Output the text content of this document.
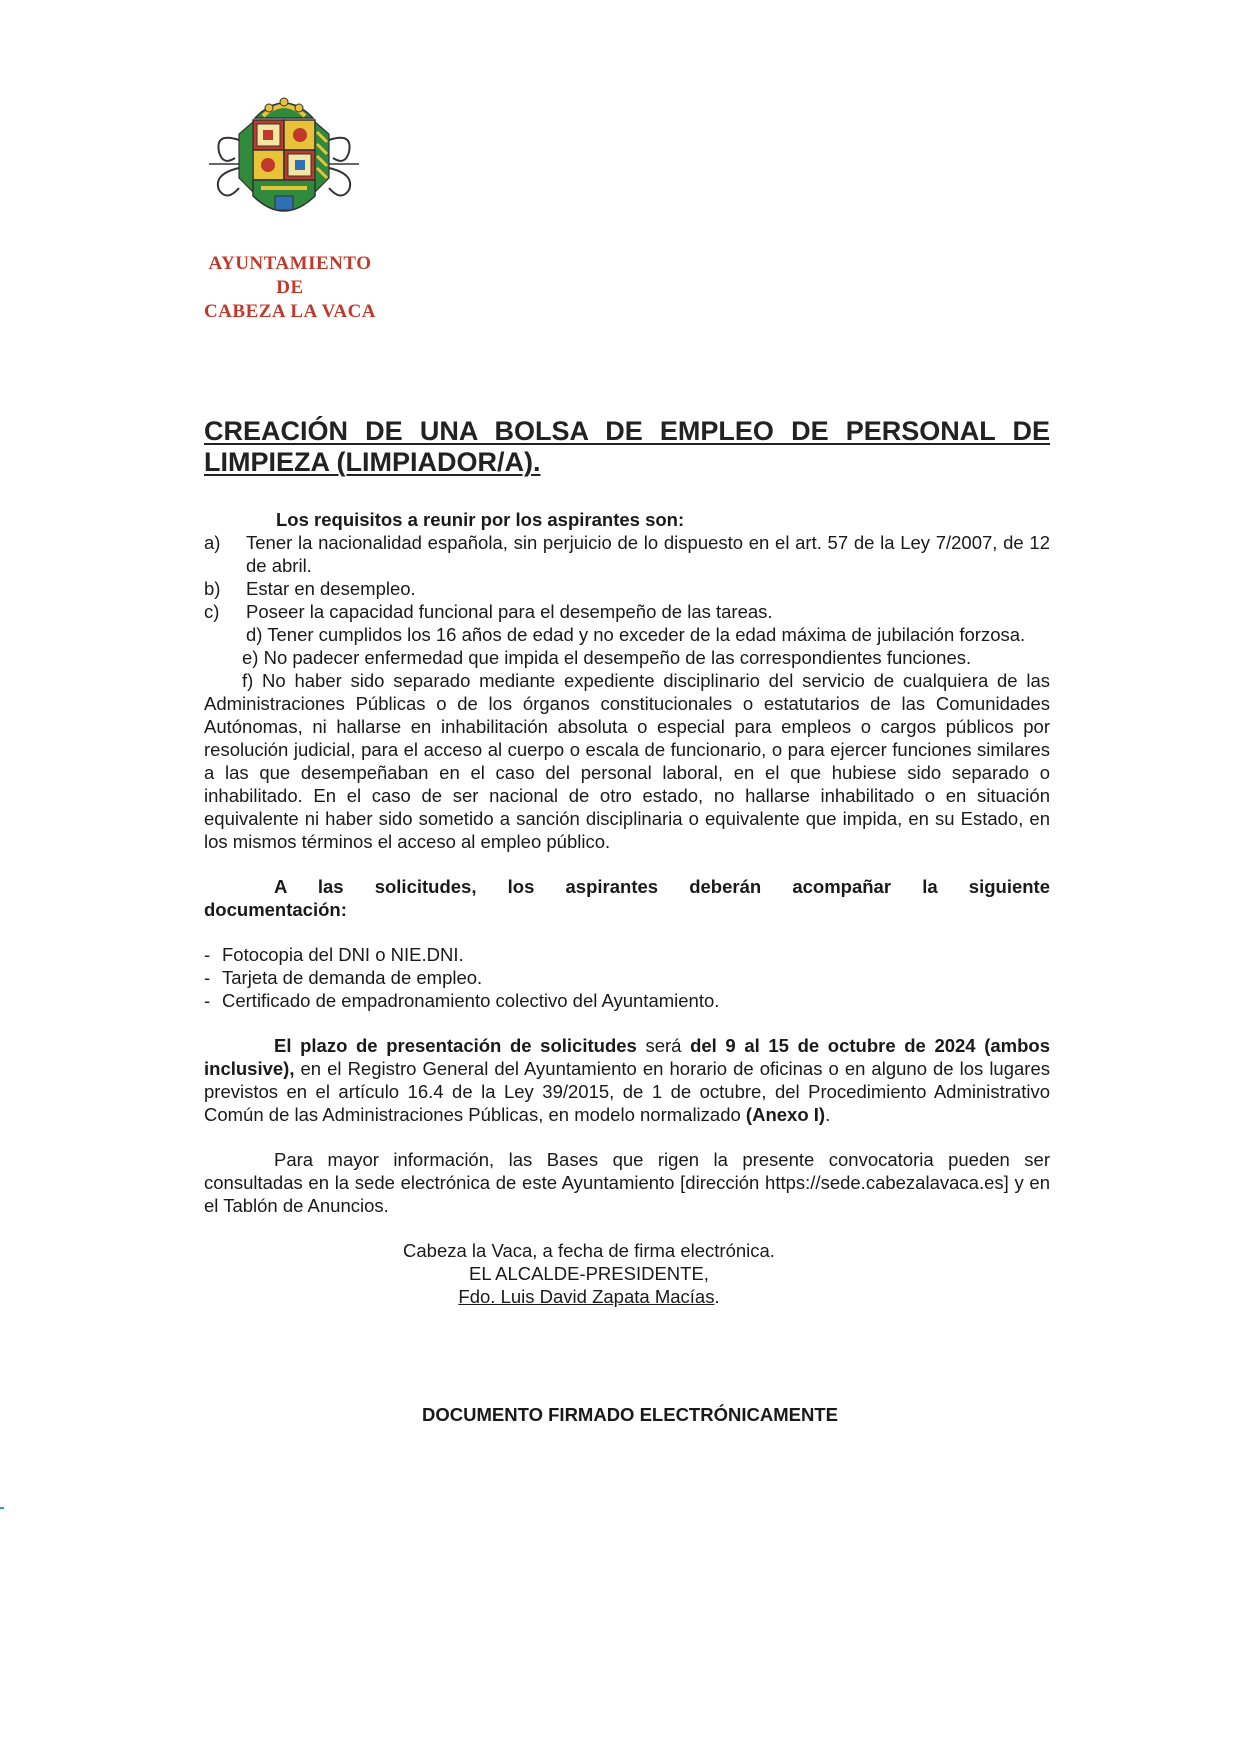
AYUNTAMIENTO
DE
CABEZA LA VACA
CREACIÓN DE UNA BOLSA DE EMPLEO DE PERSONAL DE LIMPIEZA (LIMPIADOR/A).
Los requisitos a reunir por los aspirantes son:
a)	Tener la nacionalidad española, sin perjuicio de lo dispuesto en el art. 57 de la Ley 7/2007, de 12 de abril.
b)	Estar en desempleo.
c)	Poseer la capacidad funcional para el desempeño de las tareas.

d) Tener cumplidos los 16 años de edad y no exceder de la edad máxima de jubilación forzosa.

e) No padecer enfermedad que impida el desempeño de las correspondientes funciones.

f) No haber sido separado mediante expediente disciplinario del servicio de cualquiera de las Administraciones Públicas o de los órganos constitucionales o estatutarios de las Comunidades Autónomas, ni hallarse en inhabilitación absoluta o especial para empleos o cargos públicos por resolución judicial, para el acceso al cuerpo o escala de funcionario, o para ejercer funciones similares a las que desempeñaban en el caso del personal laboral, en el que hubiese sido separado o inhabilitado. En el caso de ser nacional de otro estado, no hallarse inhabilitado o en situación equivalente ni haber sido sometido a sanción disciplinaria o equivalente que impida, en su Estado, en los mismos términos el acceso al empleo público.

A las solicitudes, los aspirantes deberán acompañar la siguiente
documentación:
- Fotocopia del DNI o NIE.DNI.
- Tarjeta de demanda de empleo.
- Certificado de empadronamiento colectivo del Ayuntamiento.

El plazo de presentación de solicitudes será del 9 al 15 de octubre de 2024 (ambos inclusive), en el Registro General del Ayuntamiento en horario de oficinas o en alguno de los lugares previstos en el artículo 16.4 de la Ley 39/2015, de 1 de octubre, del Procedimiento Administrativo Común de las Administraciones Públicas, en modelo normalizado (Anexo I).

Para mayor información, las Bases que rigen la presente convocatoria pueden ser consultadas en la sede electrónica de este Ayuntamiento [dirección https://sede.cabezalavaca.es] y en el Tablón de Anuncios.

Cabeza la Vaca, a fecha de firma electrónica.
EL ALCALDE-PRESIDENTE,
Fdo. Luis David Zapata Macías.
DOCUMENTO FIRMADO ELECTRÓNICAMENTE
